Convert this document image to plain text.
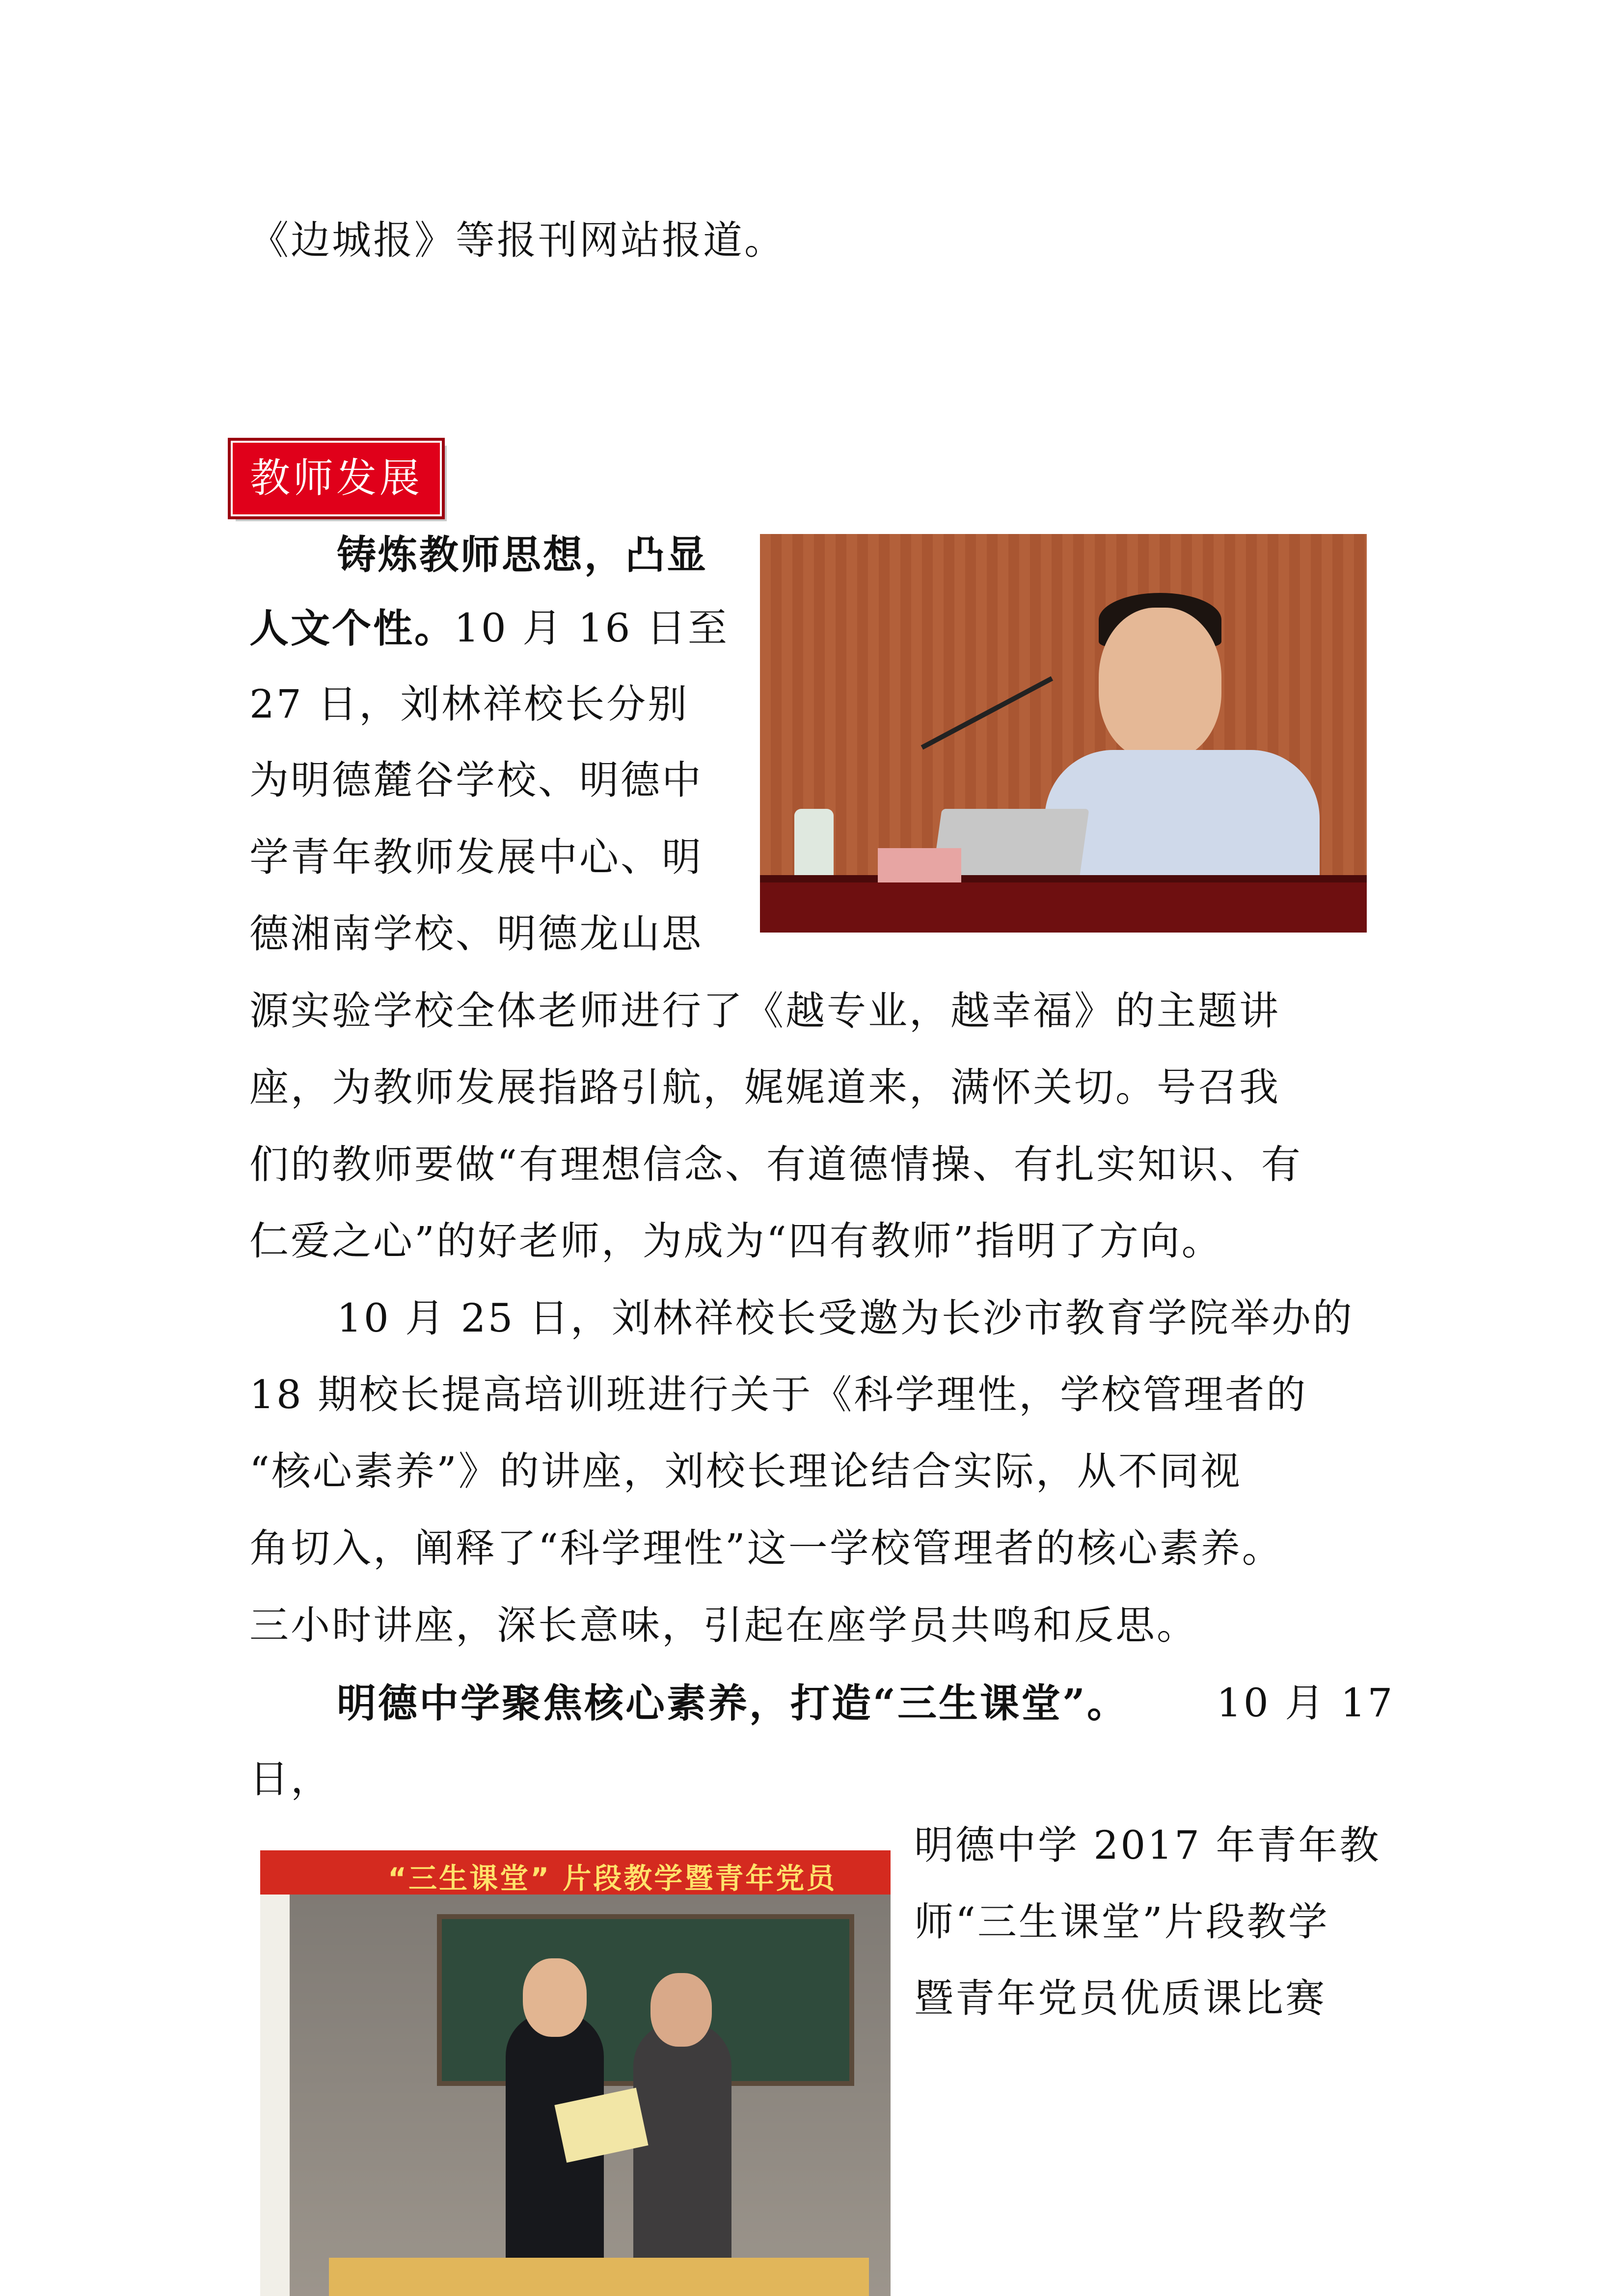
《边城报》等报刊网站报道。
教师发展
铸炼教师思想，凸显
人文个性。
10 月 16 日至
27 日，刘林祥校长分别
为明德麓谷学校、明德中
学青年教师发展中心、明
德湘南学校、明德龙山思
源实验学校全体老师进行了《越专业，越幸福》的主题讲
座，为教师发展指路引航，娓娓道来，满怀关切。号召我
们的教师要做“有理想信念、有道德情操、有扎实知识、有
仁爱之心”的好老师，为成为“四有教师”指明了方向。
10 月 25 日，刘林祥校长受邀为长沙市教育学院举办的
18 期校长提高培训班进行关于《科学理性，学校管理者的
“核心素养”》的讲座，刘校长理论结合实际，从不同视
角切入，阐释了“科学理性”这一学校管理者的核心素养。
三小时讲座，深长意味，引起在座学员共鸣和反思。
明德中学聚焦核心素养，打造“三生课堂”。 10 月 17
日，
明德中学 2017 年青年教
师“三生课堂”片段教学
暨青年党员优质课比赛
“三生课堂” 片段教学暨青年党员
